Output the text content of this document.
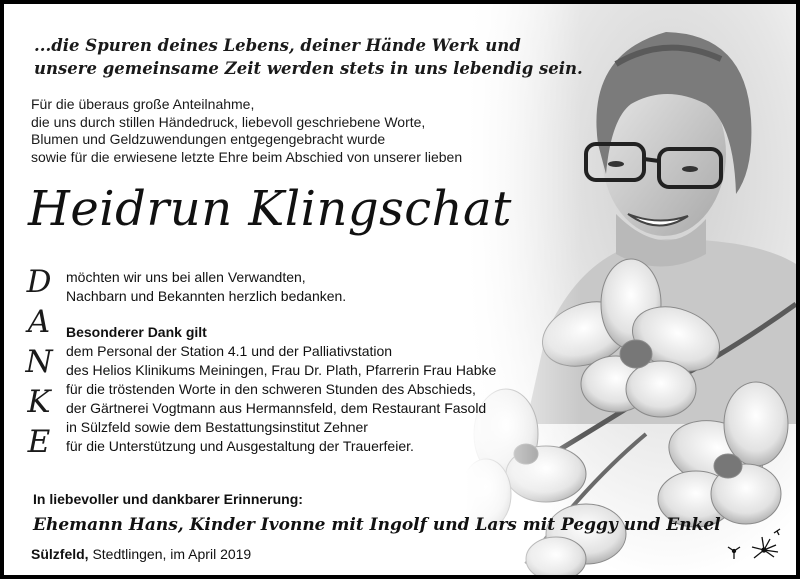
...die Spuren deines Lebens, deiner Hände Werk und
unsere gemeinsame Zeit werden stets in uns lebendig sein.
Für die überaus große Anteilnahme,
die uns durch stillen Händedruck, liebevoll geschriebene Worte,
Blumen und Geldzuwendungen entgegengebracht wurde
sowie für die erwiesene letzte Ehre beim Abschied von unserer lieben
Heidrun Klingschat
D
A
N
K
E
möchten wir uns bei allen Verwandten,
Nachbarn und Bekannten herzlich bedanken.
Besonderer Dank gilt
dem Personal der Station 4.1 und der Palliativstation
des Helios Klinikums Meiningen, Frau Dr. Plath, Pfarrerin Frau Habke
für die tröstenden Worte in den schweren Stunden des Abschieds,
der Gärtnerei Vogtmann aus Hermannsfeld, dem Restaurant Fasold
in Sülzfeld sowie dem Bestattungsinstitut Zehner
für die Unterstützung und Ausgestaltung der Trauerfeier.
In liebevoller und dankbarer Erinnerung:
Ehemann Hans, Kinder Ivonne mit Ingolf und Lars mit Peggy und Enkel
Sülzfeld, Stedtlingen, im April 2019
